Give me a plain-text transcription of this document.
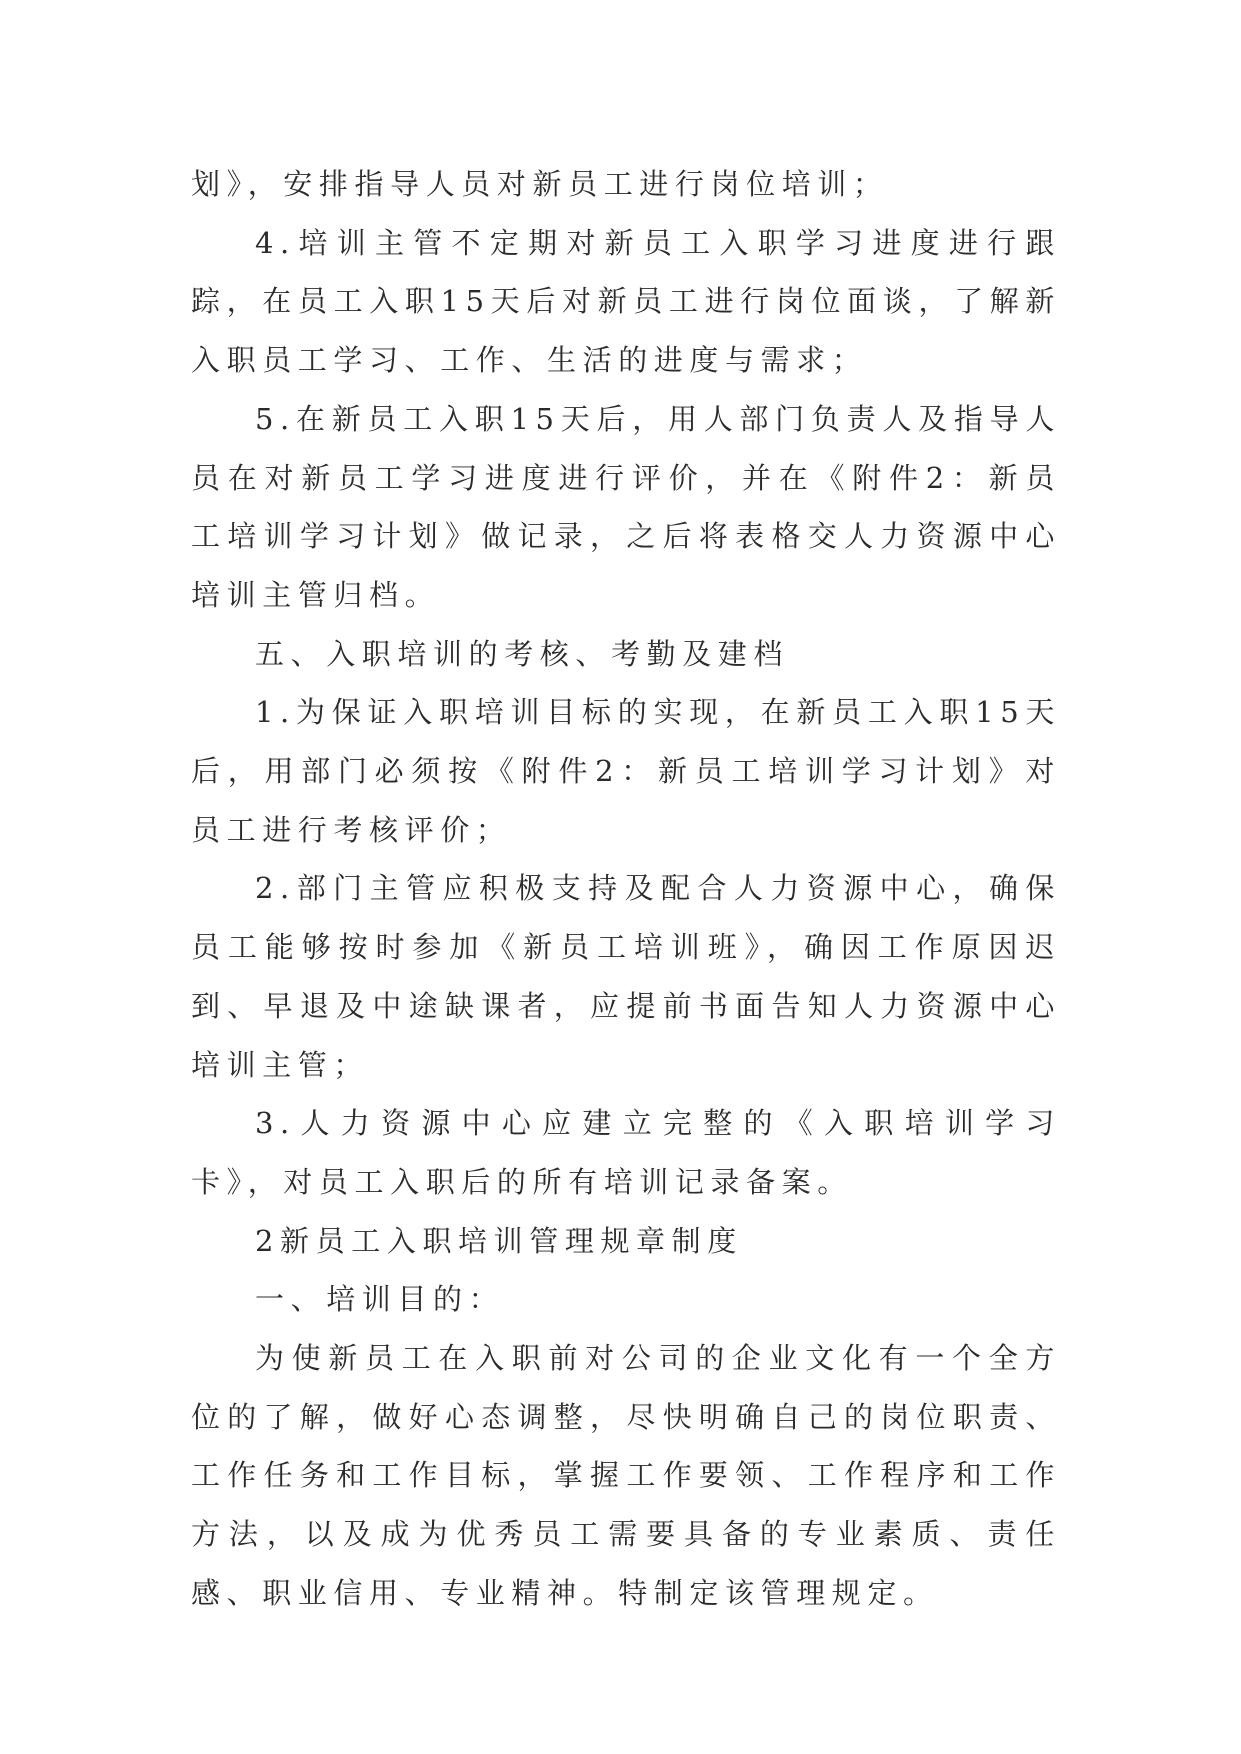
划》，安排指导人员对新员工进行岗位培训；

4.培训主管不定期对新员工入职学习进度进行跟踪，在员工入职15天后对新员工进行岗位面谈，了解新入职员工学习、工作、生活的进度与需求；

5.在新员工入职15天后，用人部门负责人及指导人员在对新员工学习进度进行评价，并在《附件2：新员工培训学习计划》做记录，之后将表格交人力资源中心培训主管归档。

五、入职培训的考核、考勤及建档

1.为保证入职培训目标的实现，在新员工入职15天后，用部门必须按《附件2：新员工培训学习计划》对员工进行考核评价；

2.部门主管应积极支持及配合人力资源中心，确保员工能够按时参加《新员工培训班》，确因工作原因迟到、早退及中途缺课者，应提前书面告知人力资源中心培训主管；

3.人力资源中心应建立完整的《入职培训学习卡》，对员工入职后的所有培训记录备案。

2新员工入职培训管理规章制度

一、培训目的：

为使新员工在入职前对公司的企业文化有一个全方位的了解，做好心态调整，尽快明确自己的岗位职责、工作任务和工作目标，掌握工作要领、工作程序和工作方法，以及成为优秀员工需要具备的专业素质、责任感、职业信用、专业精神。特制定该管理规定。
